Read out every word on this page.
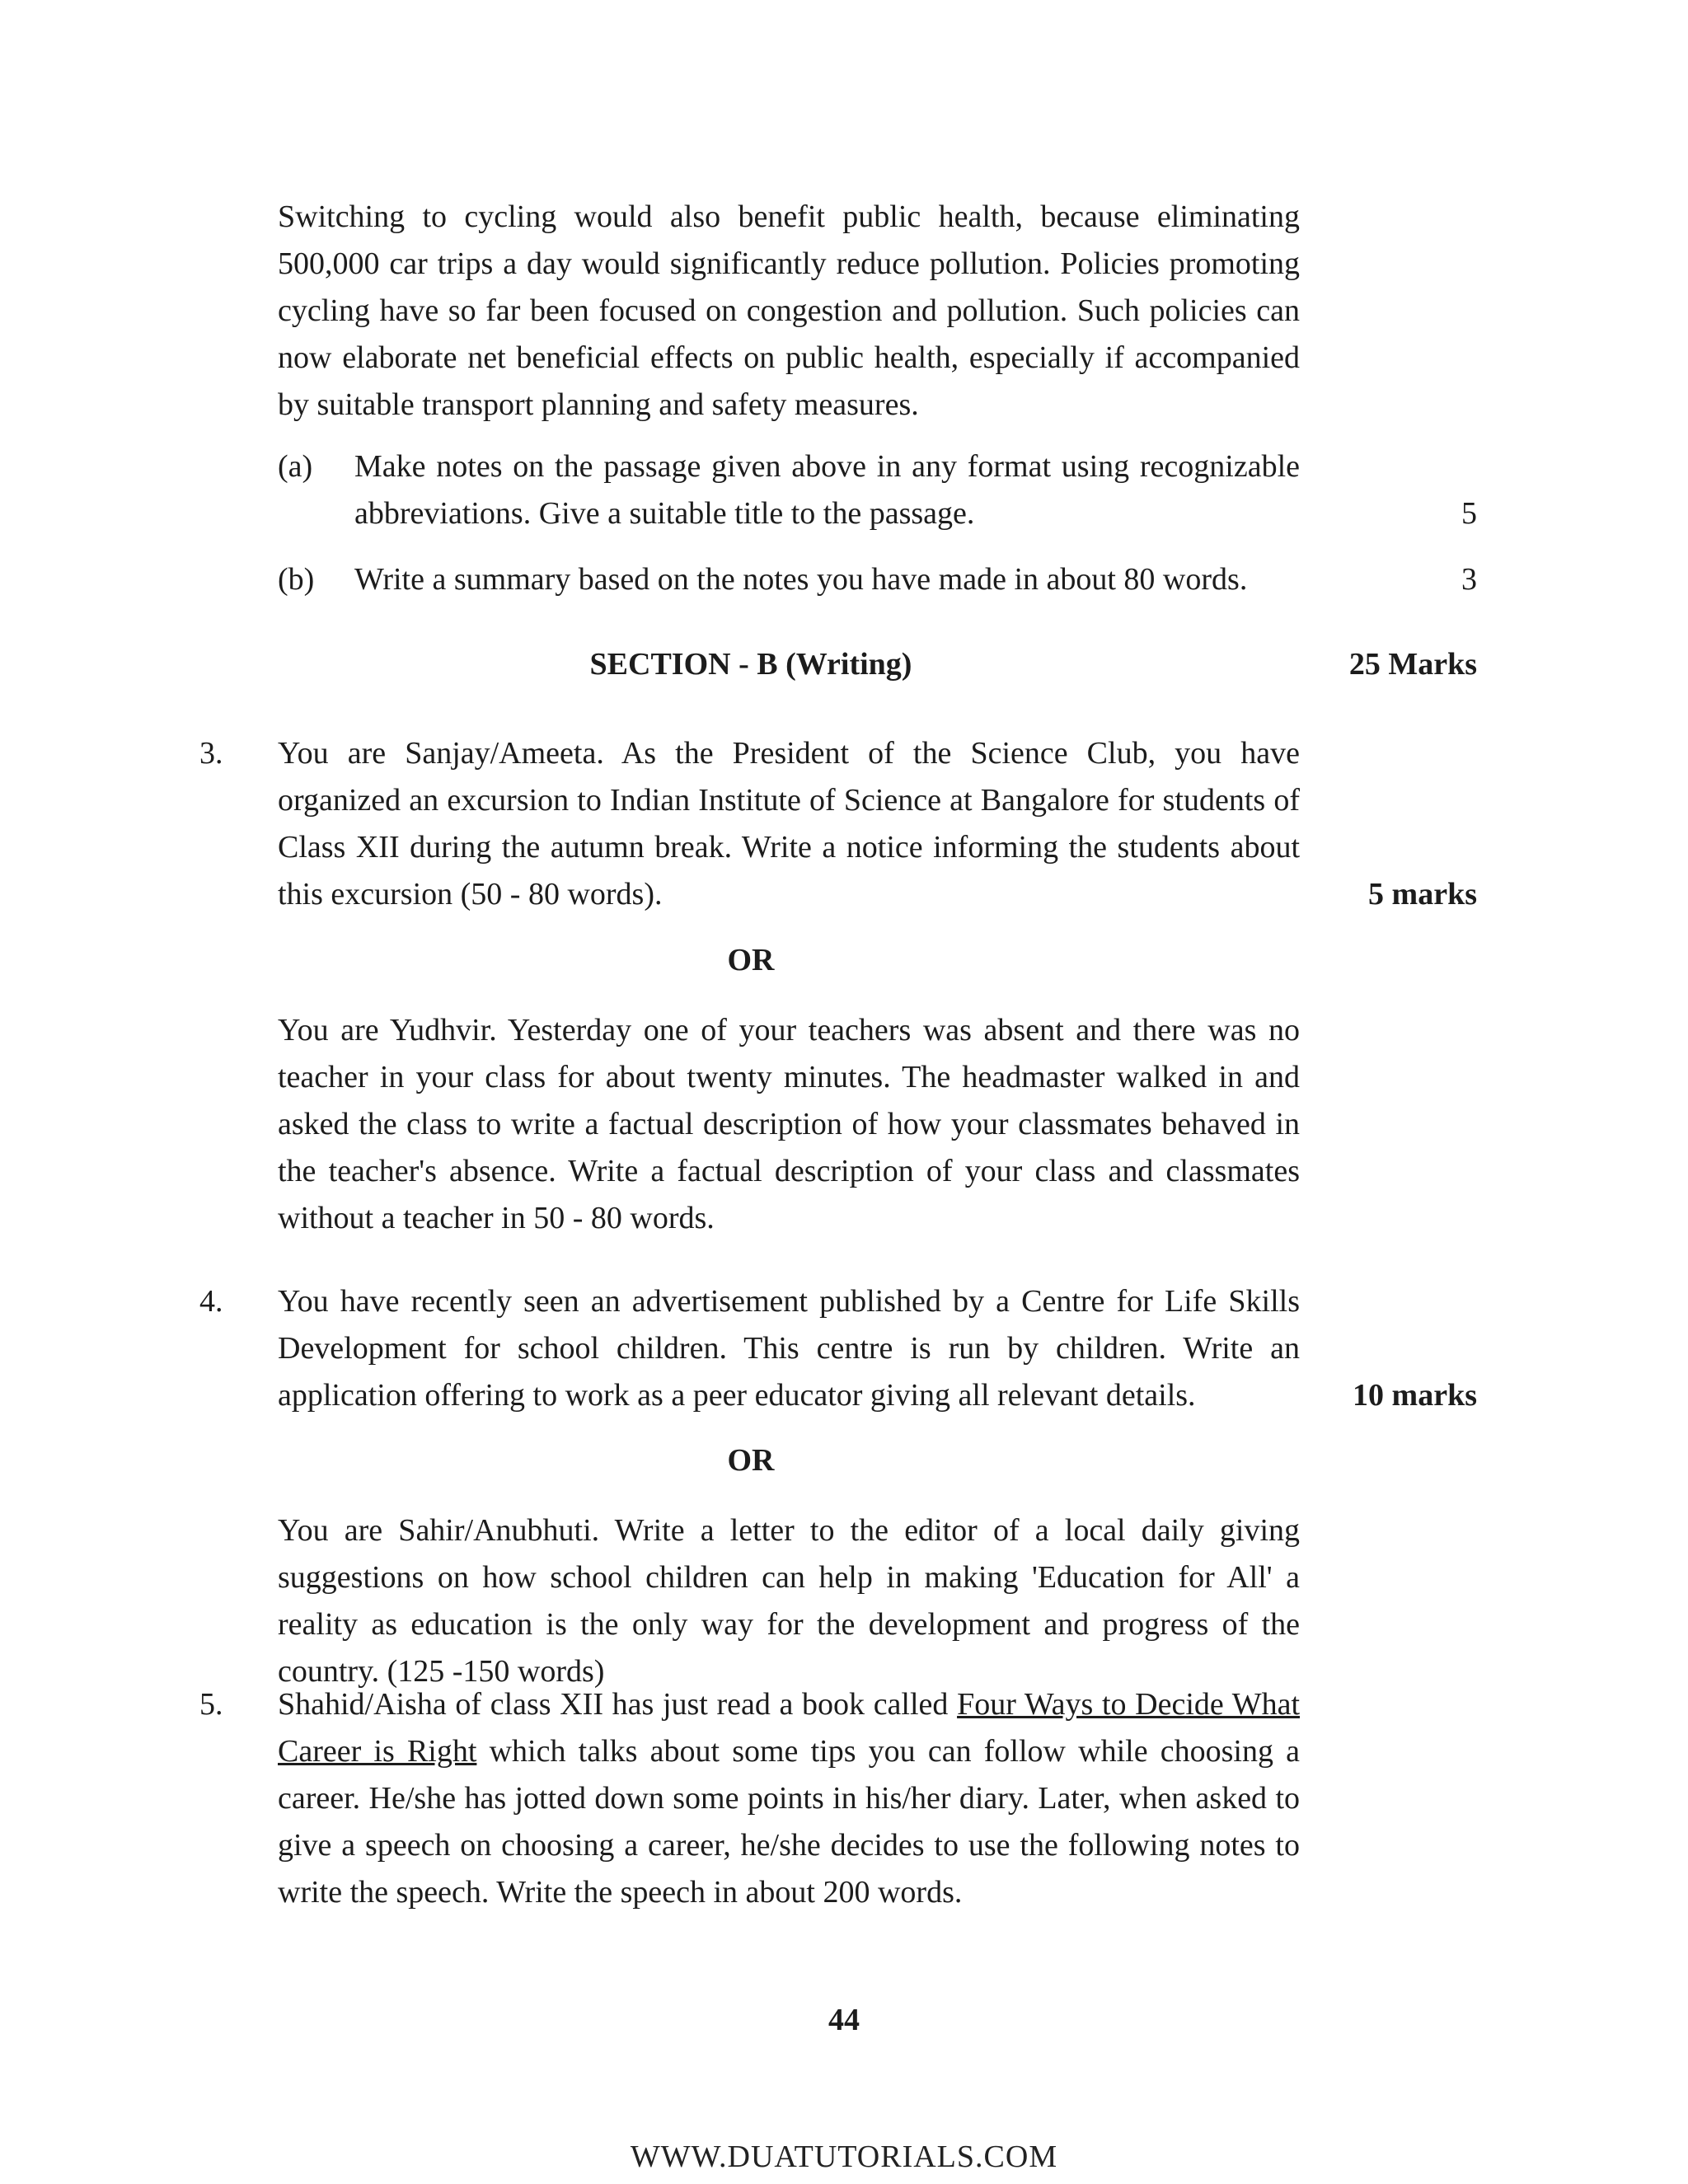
Switching to cycling would also benefit public health, because eliminating 500,000 car trips a day would significantly reduce pollution. Policies promoting cycling have so far been focused on congestion and pollution. Such policies can now elaborate net beneficial effects on public health, especially if accompanied by suitable transport planning and safety measures.

(a) Make notes on the passage given above in any format using recognizable abbreviations. Give a suitable title to the passage.	5
(b) Write a summary based on the notes you have made in about 80 words.	3
SECTION - B (Writing)	25 Marks
3. You are Sanjay/Ameeta. As the President of the Science Club, you have organized an excursion to Indian Institute of Science at Bangalore for students of Class XII during the autumn break. Write a notice informing the students about this excursion (50 - 80 words).	5 marks
OR

You are Yudhvir. Yesterday one of your teachers was absent and there was no teacher in your class for about twenty minutes. The headmaster walked in and asked the class to write a factual description of how your classmates behaved in the teacher's absence. Write a factual description of your class and classmates without a teacher in 50 - 80 words.

4. You have recently seen an advertisement published by a Centre for Life Skills Development for school children. This centre is run by children. Write an application offering to work as a peer educator giving all relevant details.	10 marks
OR

You are Sahir/Anubhuti. Write a letter to the editor of a local daily giving suggestions on how school children can help in making 'Education for All' a reality as education is the only way for the development and progress of the country. (125 -150 words)

5. Shahid/Aisha of class XII has just read a book called Four Ways to Decide What Career is Right which talks about some tips you can follow while choosing a career. He/she has jotted down some points in his/her diary. Later, when asked to give a speech on choosing a career, he/she decides to use the following notes to write the speech. Write the speech in about 200 words.

44
WWW.DUATUTORIALS.COM
